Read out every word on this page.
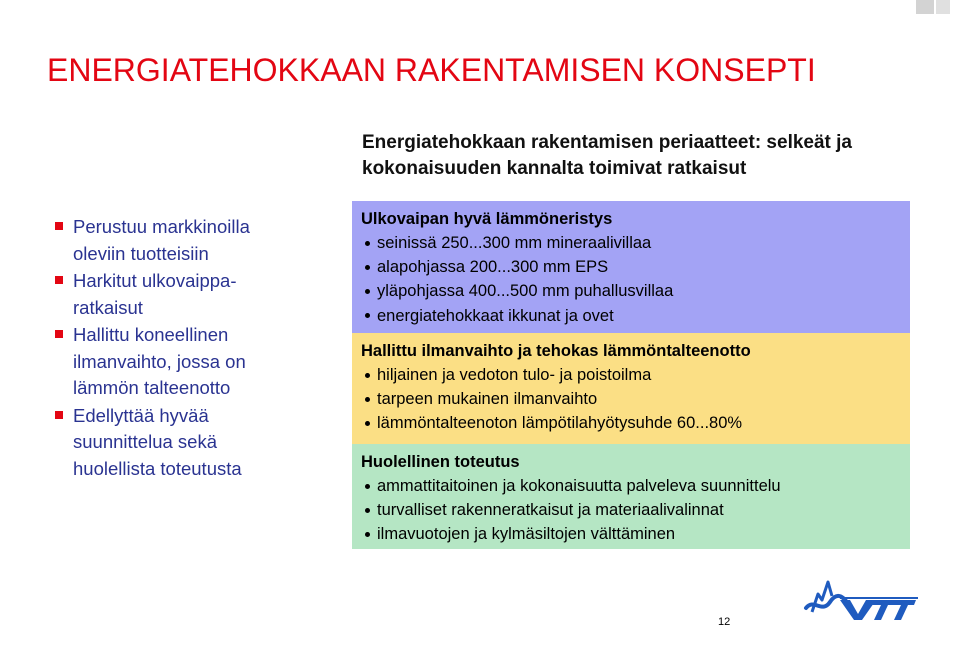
ENERGIATEHOKKAAN RAKENTAMISEN KONSEPTI
Energiatehokkaan rakentamisen periaatteet: selkeät ja kokonaisuuden kannalta toimivat ratkaisut
Perustuu markkinoilla
oleviin tuotteisiin
Harkitut ulkovaippa-
ratkaisut
Hallittu koneellinen
ilmanvaihto, jossa on
lämmön talteenotto
Edellyttää hyvää
suunnittelua sekä
huolellista toteutusta

Ulkovaipan hyvä lämmöneristys

seinissä 250...300 mm mineraalivillaa
alapohjassa 200...300 mm EPS
yläpohjassa 400...500 mm puhallusvillaa
energiatehokkaat ikkunat ja ovet

Hallittu ilmanvaihto ja tehokas lämmöntalteenotto

hiljainen ja vedoton tulo- ja poistoilma
tarpeen mukainen ilmanvaihto
lämmöntalteenoton lämpötilahyötysuhde 60...80%

Huolellinen toteutus

ammattitaitoinen ja kokonaisuutta palveleva suunnittelu
turvalliset rakenneratkaisut ja materiaalivalinnat
ilmavuotojen ja kylmäsiltojen välttäminen
12
